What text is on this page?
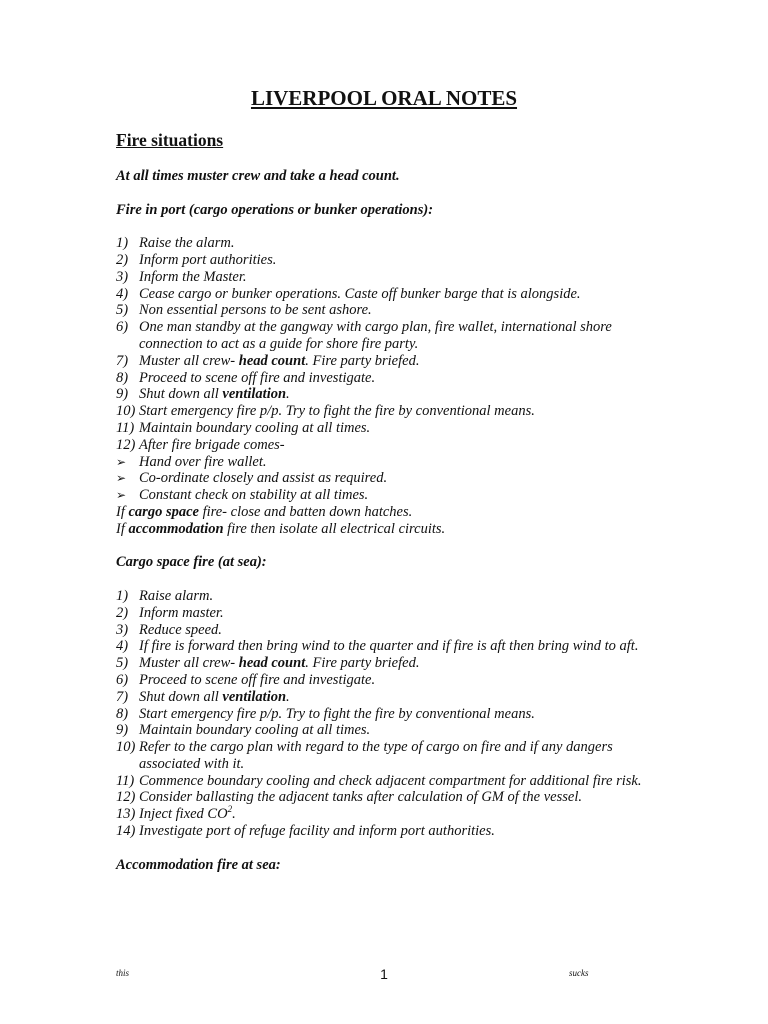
LIVERPOOL ORAL NOTES
Fire situations

At all times muster crew and take a head count.

Fire in port (cargo operations or bunker operations):

1) Raise the alarm.
2) Inform port authorities.
3) Inform the Master.
4) Cease cargo or bunker operations. Caste off bunker barge that is alongside.
5) Non essential persons to be sent ashore.
6) One man standby at the gangway with cargo plan, fire wallet, international shore connection to act as a guide for shore fire party.
7) Muster all crew- head count. Fire party briefed.
8) Proceed to scene off fire and investigate.
9) Shut down all ventilation.
10) Start emergency fire p/p. Try to fight the fire by conventional means.
11) Maintain boundary cooling at all times.
12) After fire brigade comes-
➢ Hand over fire wallet.
➢ Co-ordinate closely and assist as required.
➢ Constant check on stability at all times.

If cargo space fire- close and batten down hatches.

If accommodation fire then isolate all electrical circuits.

Cargo space fire (at sea):

1) Raise alarm.
2) Inform master.
3) Reduce speed.
4) If fire is forward then bring wind to the quarter and if fire is aft then bring wind to aft.
5) Muster all crew- head count. Fire party briefed.
6) Proceed to scene off fire and investigate.
7) Shut down all ventilation.
8) Start emergency fire p/p. Try to fight the fire by conventional means.
9) Maintain boundary cooling at all times.
10) Refer to the cargo plan with regard to the type of cargo on fire and if any dangers associated with it.
11) Commence boundary cooling and check adjacent compartment for additional fire risk.
12) Consider ballasting the adjacent tanks after calculation of GM of the vessel.
13) Inject fixed $CO^2$.
14) Investigate port of refuge facility and inform port authorities.

Accommodation fire at sea:

this	1	sucks
